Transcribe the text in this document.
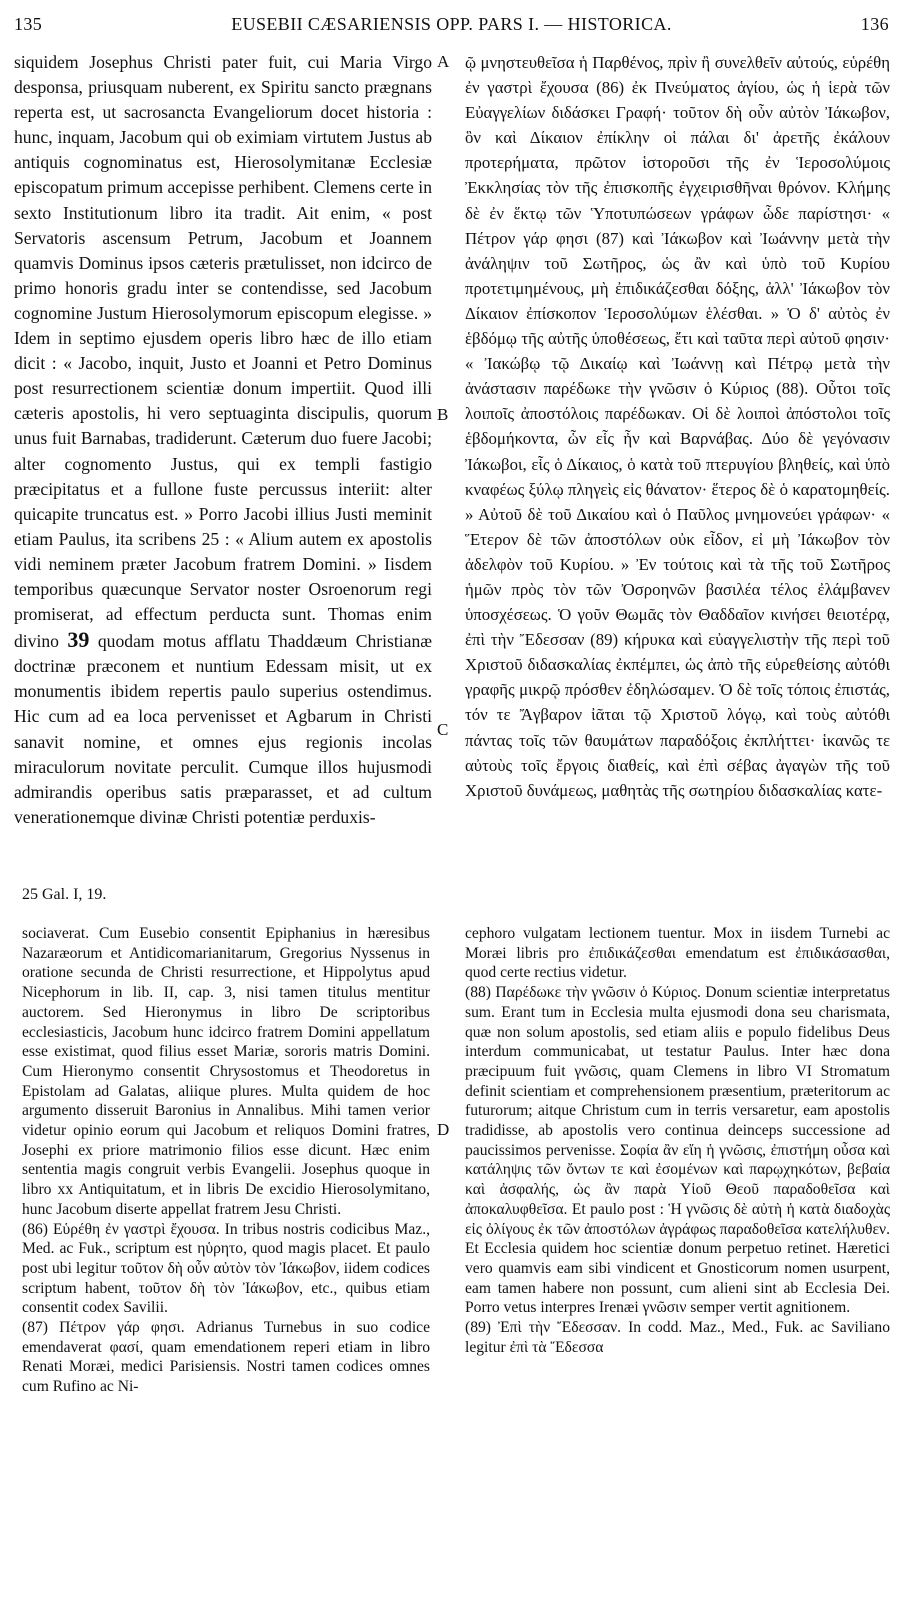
135	EUSEBII CÆSARIENSIS OPP. PARS I. — HISTORICA.	136

siquidem Josephus Christi pater fuit, cui Maria Virgo desponsa, priusquam nuberent, ex Spiritu sancto prægnans reperta est, ut sacrosancta Evangeliorum docet historia : hunc, inquam, Jacobum qui ob eximiam virtutem Justus ab antiquis cognominatus est, Hierosolymitanæ Ecclesiæ episcopatum primum accepisse perhibent. Clemens certe in sexto Institutionum libro ita tradit. Ait enim, « post Servatoris ascensum Petrum, Jacobum et Joannem quamvis Dominus ipsos cæteris prætulisset, non idcirco de primo honoris gradu inter se contendisse, sed Jacobum cognomine Justum Hierosolymorum episcopum elegisse. » Idem in septimo ejusdem operis libro hæc de illo etiam dicit : « Jacobo, inquit, Justo et Joanni et Petro Dominus post resurrectionem scientiæ donum impertiit. Quod illi cæteris apostolis, hi vero septuaginta discipulis, quorum unus fuit Barnabas, tradiderunt. Cæterum duo fuere Jacobi; alter cognomento Justus, qui ex templi fastigio præcipitatus et a fullone fuste percussus interiit: alter quicapite truncatus est. » Porro Jacobi illius Justi meminit etiam Paulus, ita scribens 25 : « Alium autem ex apostolis vidi neminem præter Jacobum fratrem Domini. » Iisdem temporibus quæcunque Servator noster Osroenorum regi promiserat, ad effectum perducta sunt. Thomas enim divino 39 quodam motus afflatu Thaddæum Christianæ doctrinæ præconem et nuntium Edessam misit, ut ex monumentis ibidem repertis paulo superius ostendimus. Hic cum ad ea loca pervenisset et Agbarum in Christi sanavit nomine, et omnes ejus regionis incolas miraculorum novitate perculit. Cumque illos hujusmodi admirandis operibus satis præparasset, et ad cultum venerationemque divinæ Christi potentiæ perduxis-

A
B
C
D

ῷ μνηστευθεῖσα ἡ Παρθένος, πρὶν ἢ συνελθεῖν αὐτούς, εὑρέθη ἐν γαστρὶ ἔχουσα (86) ἐκ Πνεύματος ἁγίου, ὡς ἡ ἱερὰ τῶν Εὐαγγελίων διδάσκει Γραφή· τοῦτον δὴ οὖν αὐτὸν Ἰάκωβον, ὃν καὶ Δίκαιον ἐπίκλην οἱ πάλαι δι' ἀρετῆς ἐκάλουν προτερήματα, πρῶτον ἱστοροῦσι τῆς ἐν Ἱεροσολύμοις Ἐκκλησίας τὸν τῆς ἐπισκοπῆς ἐγχειρισθῆναι θρόνον. Κλήμης δὲ ἐν ἕκτῳ τῶν Ὑποτυπώσεων γράφων ὧδε παρίστησι· « Πέτρον γάρ φησι (87) καὶ Ἰάκωβον καὶ Ἰωάννην μετὰ τὴν ἀνάληψιν τοῦ Σωτῆρος, ὡς ἂν καὶ ὑπὸ τοῦ Κυρίου προτετιμημένους, μὴ ἐπιδικάζεσθαι δόξης, ἀλλ' Ἰάκωβον τὸν Δίκαιον ἐπίσκοπον Ἱεροσολύμων ἑλέσθαι. » Ὁ δ' αὐτὸς ἐν ἑβδόμῳ τῆς αὐτῆς ὑποθέσεως, ἔτι καὶ ταῦτα περὶ αὐτοῦ φησιν· « Ἰακώβῳ τῷ Δικαίῳ καὶ Ἰωάννῃ καὶ Πέτρῳ μετὰ τὴν ἀνάστασιν παρέδωκε τὴν γνῶσιν ὁ Κύριος (88). Οὗτοι τοῖς λοιποῖς ἀποστόλοις παρέδωκαν. Οἱ δὲ λοιποὶ ἀπόστολοι τοῖς ἑβδομήκοντα, ὧν εἷς ἦν καὶ Βαρνάβας. Δύο δὲ γεγόνασιν Ἰάκωβοι, εἷς ὁ Δίκαιος, ὁ κατὰ τοῦ πτερυγίου βληθείς, καὶ ὑπὸ κναφέως ξύλῳ πληγεὶς εἰς θάνατον· ἕτερος δὲ ὁ καρατομηθείς. » Αὐτοῦ δὲ τοῦ Δικαίου καὶ ὁ Παῦλος μνημονεύει γράφων· « Ἕτερον δὲ τῶν ἀποστόλων οὐκ εἶδον, εἰ μὴ Ἰάκωβον τὸν ἀδελφὸν τοῦ Κυρίου. » Ἐν τούτοις καὶ τὰ τῆς τοῦ Σωτῆρος ἡμῶν πρὸς τὸν τῶν Ὀσροηνῶν βασιλέα τέλος ἐλάμβανεν ὑποσχέσεως. Ὁ γοῦν Θωμᾶς τὸν Θαδδαῖον κινήσει θειοτέρᾳ, ἐπὶ τὴν Ἔδεσσαν (89) κήρυκα καὶ εὐαγγελιστὴν τῆς περὶ τοῦ Χριστοῦ διδασκαλίας ἐκπέμπει, ὡς ἀπὸ τῆς εὑρεθείσης αὐτόθι γραφῆς μικρῷ πρόσθεν ἐδηλώσαμεν. Ὁ δὲ τοῖς τόποις ἐπιστάς, τόν τε Ἄγβαρον ἰᾶται τῷ Χριστοῦ λόγῳ, καὶ τοὺς αὐτόθι πάντας τοῖς τῶν θαυμάτων παραδόξοις ἐκπλήττει· ἱκανῶς τε αὐτοὺς τοῖς ἔργοις διαθείς, καὶ ἐπὶ σέβας ἀγαγὼν τῆς τοῦ Χριστοῦ δυνάμεως, μαθητὰς τῆς σωτηρίου διδασκαλίας κατε-

25 Gal. I, 19.

sociaverat. Cum Eusebio consentit Epiphanius in hæresibus Nazaræorum et Antidicomarianitarum, Gregorius Nyssenus in oratione secunda de Christi resurrectione, et Hippolytus apud Nicephorum in lib. II, cap. 3, nisi tamen titulus mentitur auctorem. Sed Hieronymus in libro De scriptoribus ecclesiasticis, Jacobum hunc idcirco fratrem Domini appellatum esse existimat, quod filius esset Mariæ, sororis matris Domini. Cum Hieronymo consentit Chrysostomus et Theodoretus in Epistolam ad Galatas, aliique plures. Multa quidem de hoc argumento disseruit Baronius in Annalibus. Mihi tamen verior videtur opinio eorum qui Jacobum et reliquos Domini fratres, Josephi ex priore matrimonio filios esse dicunt. Hæc enim sententia magis congruit verbis Evangelii. Josephus quoque in libro xx Antiquitatum, et in libris De excidio Hierosolymitano, hunc Jacobum diserte appellat fratrem Jesu Christi.

(86) Εὑρέθη ἐν γαστρὶ ἔχουσα. In tribus nostris codicibus Maz., Med. ac Fuk., scriptum est ηὑρητο, quod magis placet. Et paulo post ubi legitur τοῦτον δὴ οὖν αὐτὸν τὸν Ἰάκωβον, iidem codices scriptum habent, τοῦτον δὴ τὸν Ἰάκωβον, etc., quibus etiam consentit codex Savilii.

(87) Πέτρον γάρ φησι. Adrianus Turnebus in suo codice emendaverat φασί, quam emendationem reperi etiam in libro Renati Moræi, medici Parisiensis. Nostri tamen codices omnes cum Rufino ac Ni-

cephoro vulgatam lectionem tuentur. Mox in iisdem Turnebi ac Moræi libris pro ἐπιδικάζεσθαι emendatum est ἐπιδικάσασθαι, quod certe rectius videtur.

(88) Παρέδωκε τὴν γνῶσιν ὁ Κύριος. Donum scientiæ interpretatus sum. Erant tum in Ecclesia multa ejusmodi dona seu charismata, quæ non solum apostolis, sed etiam aliis e populo fidelibus Deus interdum communicabat, ut testatur Paulus. Inter hæc dona præcipuum fuit γνῶσις, quam Clemens in libro VI Stromatum definit scientiam et comprehensionem præsentium, præteritorum ac futurorum; aitque Christum cum in terris versaretur, eam apostolis tradidisse, ab apostolis vero continua deinceps successione ad paucissimos pervenisse. Σοφία ἂν εἴη ἡ γνῶσις, ἐπιστήμη οὖσα καὶ κατάληψις τῶν ὄντων τε καὶ ἐσομένων καὶ παρῳχηκότων, βεβαία καὶ ἀσφαλής, ὡς ἂν παρὰ Υἱοῦ Θεοῦ παραδοθεῖσα καὶ ἀποκαλυφθεῖσα. Et paulo post : Ἡ γνῶσις δὲ αὐτὴ ἡ κατὰ διαδοχὰς εἰς ὀλίγους ἐκ τῶν ἀποστόλων ἀγράφως παραδοθεῖσα κατελήλυθεν. Et Ecclesia quidem hoc scientiæ donum perpetuo retinet. Hæretici vero quamvis eam sibi vindicent et Gnosticorum nomen usurpent, eam tamen habere non possunt, cum alieni sint ab Ecclesia Dei. Porro vetus interpres Irenæi γνῶσιν semper vertit agnitionem.

(89) Ἐπὶ τὴν Ἔδεσσαν. In codd. Maz., Med., Fuk. ac Saviliano legitur ἐπὶ τὰ Ἔδεσσα
